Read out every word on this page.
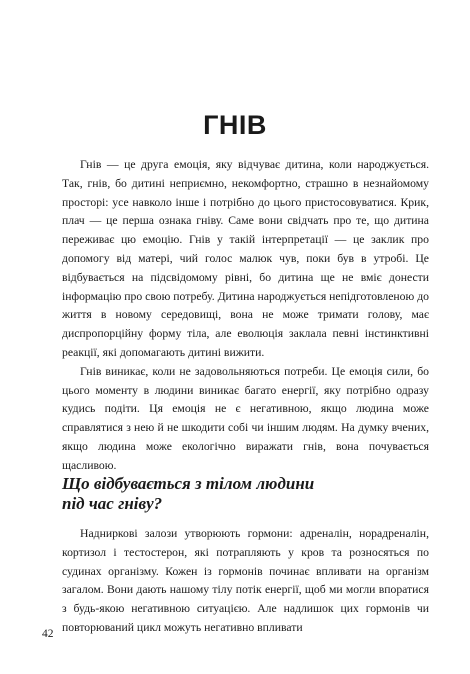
ГНІВ

Гнів — це друга емоція, яку відчуває дитина, коли народжується. Так, гнів, бо дитині неприємно, некомфортно, страшно в незнайомому просторі: усе навколо інше і потрібно до цього пристосовуватися. Крик, плач — це перша ознака гніву. Саме вони свідчать про те, що дитина переживає цю емоцію. Гнів у такій інтерпретації — це заклик про допомогу від матері, чий голос малюк чув, поки був в утробі. Це відбувається на підсвідомому рівні, бо дитина ще не вміє донести інформацію про свою потребу. Дитина народжується непідготовленою до життя в новому середовищі, вона не може тримати голову, має диспропорційну форму тіла, але еволюція заклала певні інстинктивні реакції, які допомагають дитині вижити.

Гнів виникає, коли не задовольняються потреби. Це емоція сили, бо цього моменту в людини виникає багато енергії, яку потрібно одразу кудись подіти. Ця емоція не є негативною, якщо людина може справлятися з нею й не шкодити собі чи іншим людям. На думку вчених, якщо людина може екологічно виражати гнів, вона почувається щасливою.

Що відбувається з тілом людини
під час гніву?

Надниркові залози утворюють гормони: адреналін, норадреналін, кортизол і тестостерон, які потрапляють у кров та розносяться по судинах організму. Кожен із гормонів починає впливати на організм загалом. Вони дають нашому тілу потік енергії, щоб ми могли впоратися з будь-якою негативною ситуацією. Але надлишок цих гормонів чи повторюваний цикл можуть негативно впливати

42
